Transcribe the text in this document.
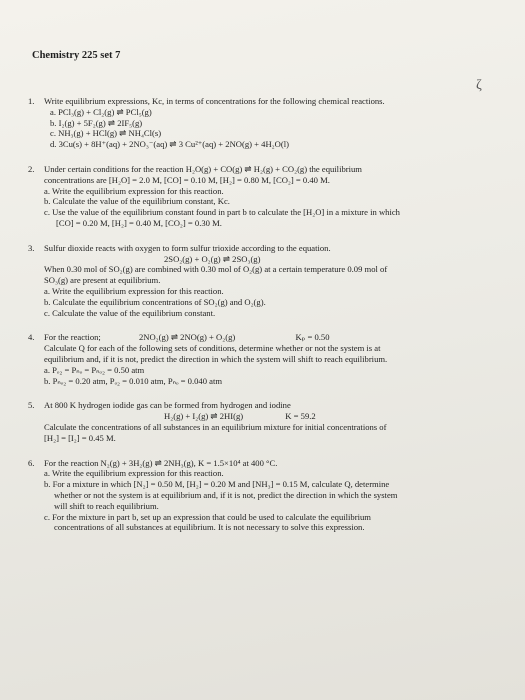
Chemistry 225 set 7
ζ
1. Write equilibrium expressions, Kс, in terms of concentrations for the following chemical reactions.
a. PCl₃(g) + Cl₂(g) ⇌ PCl₅(g)
b. I₂(g) + 5F₂(g) ⇌ 2IF₅(g)
c. NH₃(g) + HCl(g) ⇌ NH₄Cl(s)
d. 3Cu(s) + 8H⁺(aq) + 2NO₃⁻(aq) ⇌ 3 Cu²⁺(aq) + 2NO(g) + 4H₂O(l)
2. Under certain conditions for the reaction H₂O(g) + CO(g) ⇌ H₂(g) + CO₂(g) the equilibrium
concentrations are [H₂O] = 2.0 M, [CO] = 0.10 M, [H₂] = 0.80 M, [CO₂] = 0.40 M.
a. Write the equilibrium expression for this reaction.
b. Calculate the value of the equilibrium constant, Kс.
c. Use the value of the equilibrium constant found in part b to calculate the [H₂O] in a mixture in which
[CO] = 0.20 M, [H₂] = 0.40 M, [CO₂] = 0.30 M.
3. Sulfur dioxide reacts with oxygen to form sulfur trioxide according to the equation.
2SO₂(g) + O₂(g) ⇌ 2SO₃(g)
When 0.30 mol of SO₂(g) are combined with 0.30 mol of O₂(g) at a certain temperature 0.09 mol of
SO₃(g) are present at equilibrium.
a. Write the equilibrium expression for this reaction.
b. Calculate the equilibrium concentrations of SO₂(g) and O₂(g).
c. Calculate the value of the equilibrium constant.
4. For the reaction;	2NO₂(g) ⇌ 2NO(g) + O₂(g)	Kₚ = 0.50
Calculate Q for each of the following sets of conditions, determine whether or not the system is at
equilibrium and, if it is not, predict the direction in which the system will shift to reach equilibrium.
a. Pₒ₂ = Pₙₒ = Pₙₒ₂ = 0.50 atm
b. Pₙₒ₂ = 0.20 atm, Pₒ₂ = 0.010 atm, Pₙₒ = 0.040 atm
5. At 800 K hydrogen iodide gas can be formed from hydrogen and iodine
H₂(g) + I₂(g) ⇌ 2HI(g)	K = 59.2
Calculate the concentrations of all substances in an equilibrium mixture for initial concentrations of
[H₂] = [I₂] = 0.45 M.
6. For the reaction N₂(g) + 3H₂(g) ⇌ 2NH₃(g), K = 1.5×10⁴ at 400 °C.
a. Write the equilibrium expression for this reaction.
b. For a mixture in which [N₂] = 0.50 M, [H₂] = 0.20 M and [NH₃] = 0.15 M, calculate Q, determine
whether or not the system is at equilibrium and, if it is not, predict the direction in which the system
will shift to reach equilibrium.
c. For the mixture in part b, set up an expression that could be used to calculate the equilibrium
concentrations of all substances at equilibrium. It is not necessary to solve this expression.
